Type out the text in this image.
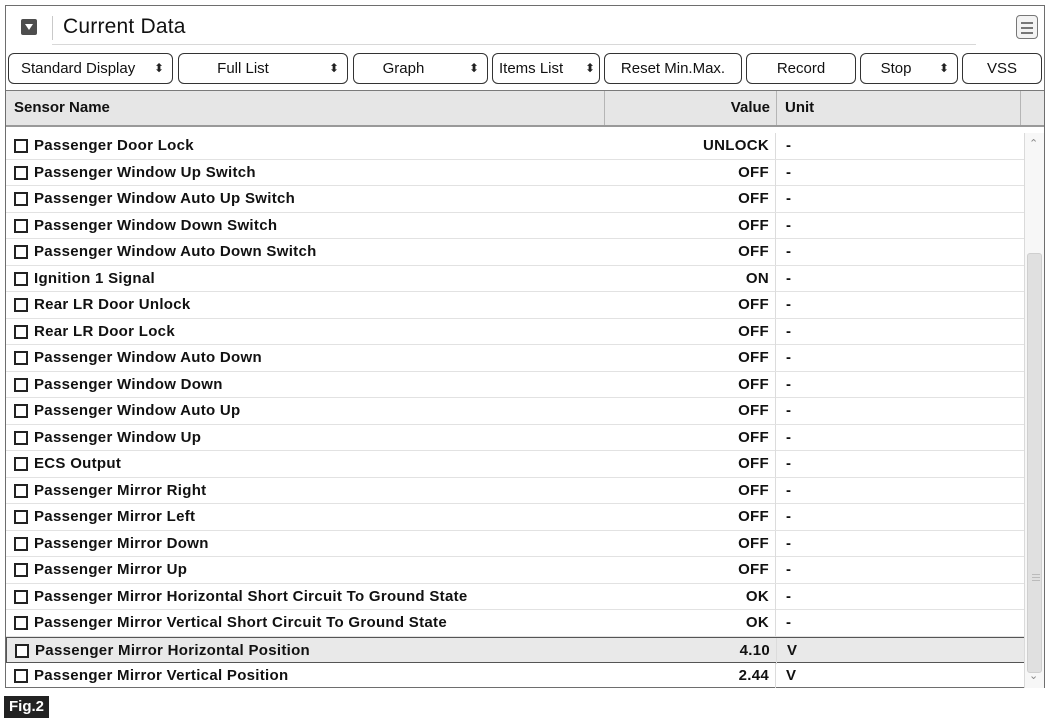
Current Data
Standard Display ⬍	Full List	⬍	Graph	⬍	Items List ⬍	Reset Min.Max.	Record	Stop ⬍	VSS
Sensor Name	Value	Unit
Passenger Door Lock	UNLOCK	-
Passenger Window Up Switch	OFF	-
Passenger Window Auto Up Switch	OFF	-
Passenger Window Down Switch	OFF	-
Passenger Window Auto Down Switch	OFF	-
Ignition 1 Signal	ON	-
Rear LR Door Unlock	OFF	-
Rear LR Door Lock	OFF	-
Passenger Window Auto Down	OFF	-
Passenger Window Down	OFF	-
Passenger Window Auto Up	OFF	-
Passenger Window Up	OFF	-
ECS Output	OFF	-
Passenger Mirror Right	OFF	-
Passenger Mirror Left	OFF	-
Passenger Mirror Down	OFF	-
Passenger Mirror Up	OFF	-
Passenger Mirror Horizontal Short Circuit To Ground State	OK	-
Passenger Mirror Vertical Short Circuit To Ground State	OK	-
Passenger Mirror Horizontal Position	4.10	V
Passenger Mirror Vertical Position	2.44	V
⌃
⌄
Fig.2
